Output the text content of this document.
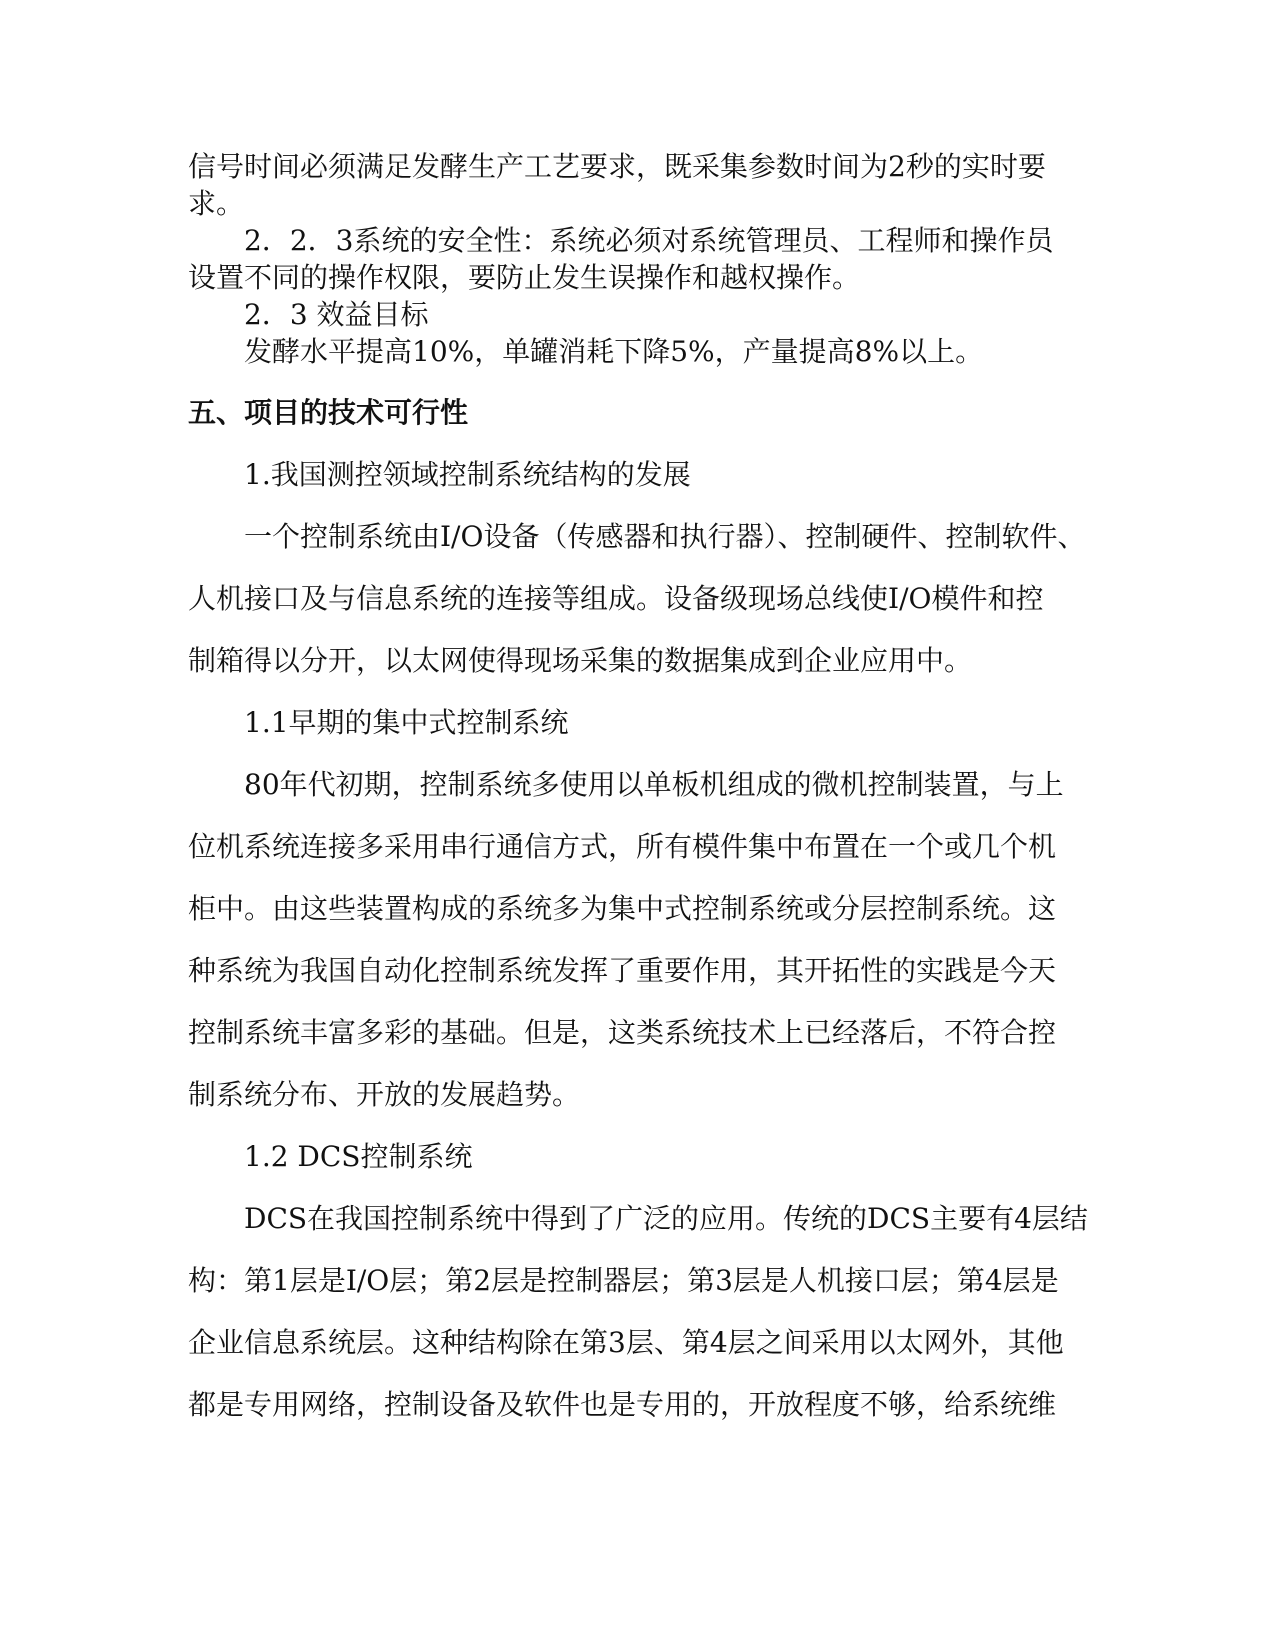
信号时间必须满足发酵生产工艺要求，既采集参数时间为2秒的实时要

求。

2．2．3系统的安全性：系统必须对系统管理员、工程师和操作员

设置不同的操作权限，要防止发生误操作和越权操作。

2．3 效益目标

发酵水平提高10%，单罐消耗下降5%，产量提高8%以上。

五、项目的技术可行性

1.我国测控领域控制系统结构的发展

一个控制系统由I/O设备（传感器和执行器）、控制硬件、控制软件、

人机接口及与信息系统的连接等组成。设备级现场总线使I/O模件和控

制箱得以分开，以太网使得现场采集的数据集成到企业应用中。

1.1早期的集中式控制系统

80年代初期，控制系统多使用以单板机组成的微机控制装置，与上

位机系统连接多采用串行通信方式，所有模件集中布置在一个或几个机

柜中。由这些装置构成的系统多为集中式控制系统或分层控制系统。这

种系统为我国自动化控制系统发挥了重要作用，其开拓性的实践是今天

控制系统丰富多彩的基础。但是，这类系统技术上已经落后，不符合控

制系统分布、开放的发展趋势。

1.2 DCS控制系统

DCS在我国控制系统中得到了广泛的应用。传统的DCS主要有4层结

构：第1层是I/O层；第2层是控制器层；第3层是人机接口层；第4层是

企业信息系统层。这种结构除在第3层、第4层之间采用以太网外，其他

都是专用网络，控制设备及软件也是专用的，开放程度不够，给系统维
